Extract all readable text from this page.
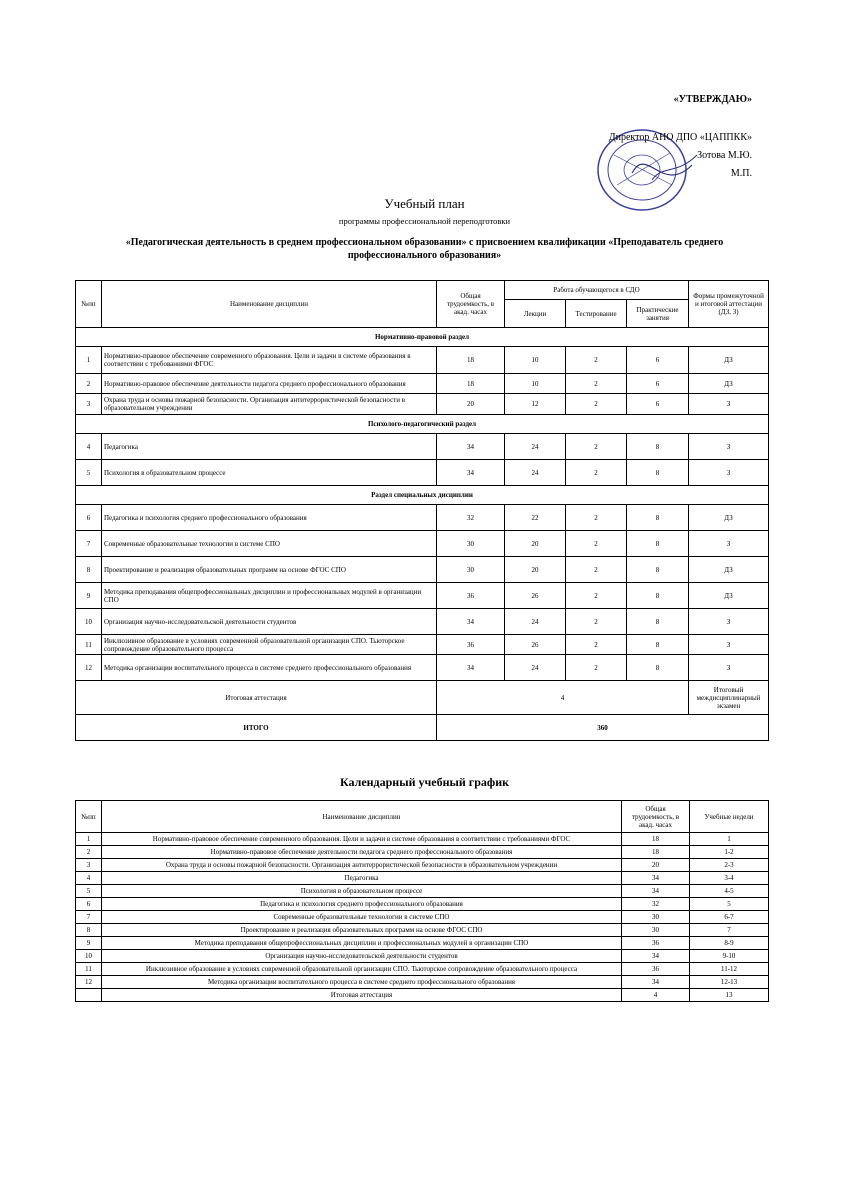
«УТВЕРЖДАЮ»
Директор АНО ДПО «ЦАППКК»
Зотова М.Ю.
М.П.
Учебный план
программы профессиональной переподготовки
«Педагогическая деятельность в среднем профессиональном образовании» с присвоением квалификации «Преподаватель среднего профессионального образования»
№пп	Наименование дисциплин	Общая трудоемкость, в акад. часах	Работа обучающегося в СДО			Формы промежуточной и итоговой аттестации (ДЗ, З)
			Лекции	Тестирование	Практические занятия	
Нормативно-правовой раздел						
1	Нормативно-правовое обеспечение современного образования. Цели и задачи в системе образования в соответствии с требованиями ФГОС	18	10	2	6	ДЗ
2	Нормативно-правовое обеспечение деятельности педагога среднего профессионального образования	18	10	2	6	ДЗ
3	Охрана труда и основы пожарной безопасности. Организация антитеррористической безопасности в образовательном учреждении	20	12	2	6	З
Психолого-педагогический раздел						
4	Педагогика	34	24	2	8	З
5	Психология в образовательном процессе	34	24	2	8	З
Раздел специальных дисциплин						
6	Педагогика и психология среднего профессионального образования	32	22	2	8	ДЗ
7	Современные образовательные технологии в системе СПО	30	20	2	8	З
8	Проектирование и реализация образовательных программ на основе ФГОС СПО	30	20	2	8	ДЗ
9	Методика преподавания общепрофессиональных дисциплин и профессиональных модулей в организации СПО	36	26	2	8	ДЗ
10	Организация научно-исследовательской деятельности студентов	34	24	2	8	З
11	Инклюзивное образование в условиях современной образовательной организации СПО. Тьюторское сопровождение образовательного процесса	36	26	2	8	З
12	Методика организации воспитательного процесса в системе среднего профессионального образования	34	24	2	8	З
Итоговая аттестация		4				Итоговый междисциплинарный экзамен
ИТОГО		360				
Календарный учебный график
№пп	Наименование дисциплин	Общая трудоемкость, в акад. часах	Учебные недели
1	Нормативно-правовое обеспечение современного образования. Цели и задачи в системе образования в соответствии с требованиями ФГОС	18	1
2	Нормативно-правовое обеспечение деятельности педагога среднего профессионального образования	18	1-2
3	Охрана труда и основы пожарной безопасности. Организация антитеррористической безопасности в образовательном учреждении	20	2-3
4	Педагогика	34	3-4
5	Психология в образовательном процессе	34	4-5
6	Педагогика и психология среднего профессионального образования	32	5
7	Современные образовательные технологии в системе СПО	30	6-7
8	Проектирование и реализация образовательных программ на основе ФГОС СПО	30	7
9	Методика преподавания общепрофессиональных дисциплин и профессиональных модулей в организации СПО	36	8-9
10	Организация научно-исследовательской деятельности студентов	34	9-10
11	Инклюзивное образование в условиях современной образовательной организации СПО. Тьюторское сопровождение образовательного процесса	36	11-12
12	Методика организации воспитательного процесса в системе среднего профессионального образования	34	12-13
	Итоговая аттестация	4	13
